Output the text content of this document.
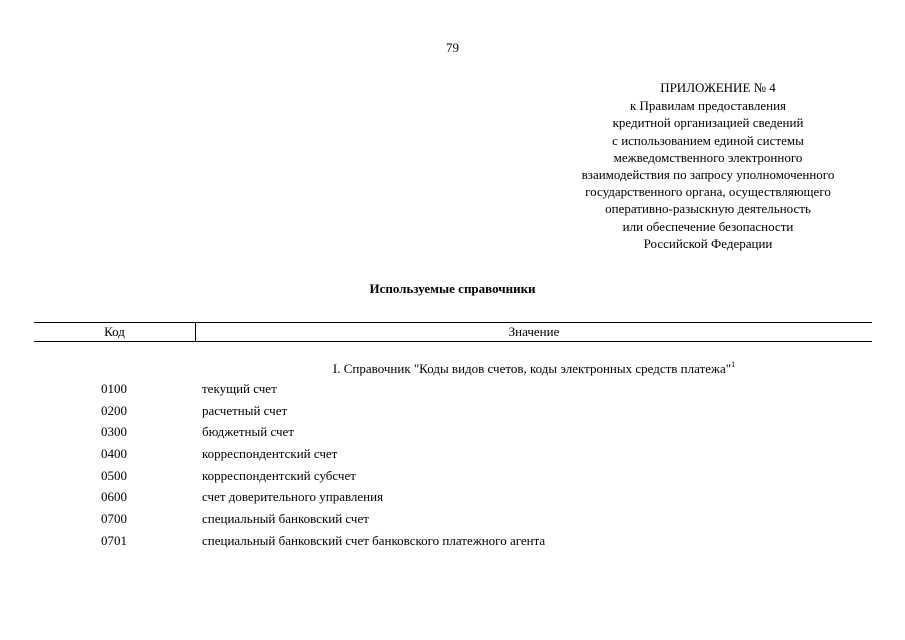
79
ПРИЛОЖЕНИЕ № 4
к Правилам предоставления
кредитной организацией сведений
с использованием единой системы
межведомственного электронного
взаимодействия по запросу уполномоченного
государственного органа, осуществляющего
оперативно-разыскную деятельность
или обеспечение безопасности
Российской Федерации
Используемые справочники
Код	Значение
I. Справочник "Коды видов счетов, коды электронных средств платежа"$^1$
0100	текущий счет
0200	расчетный счет
0300	бюджетный счет
0400	корреспондентский счет
0500	корреспондентский субсчет
0600	счет доверительного управления
0700	специальный банковский счет
0701	специальный банковский счет банковского платежного агента
